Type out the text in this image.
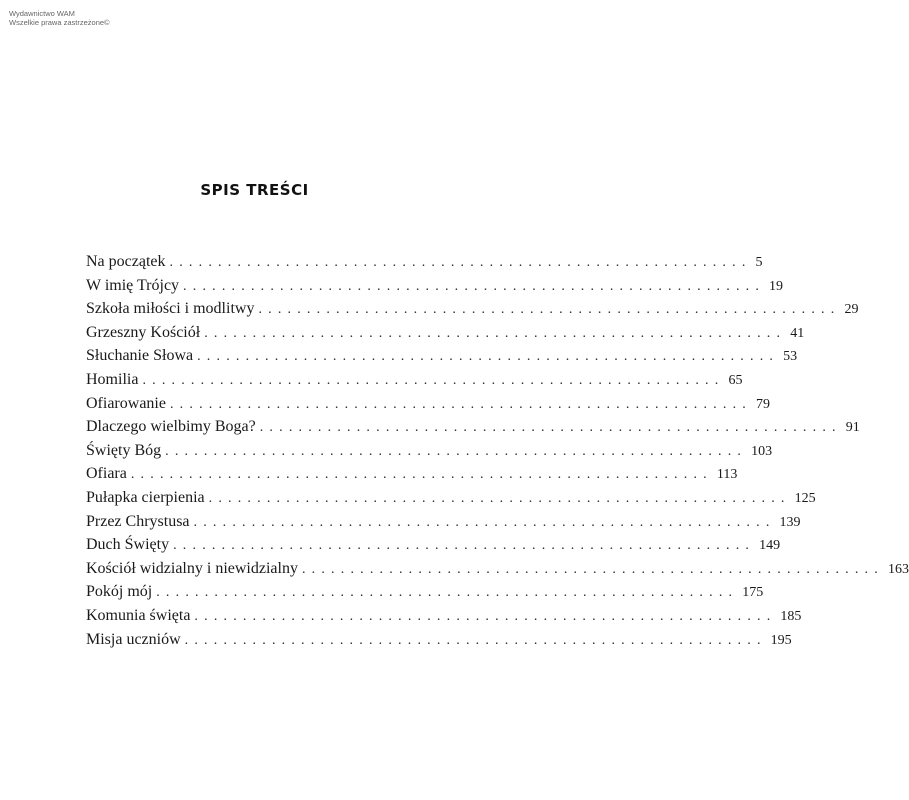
Wydawnictwo WAM
Wszelkie prawa zastrzeżone©
SPIS TREŚCI
Na początek ............................................................ 5
W imię Trójcy ............................................................ 19
Szkoła miłości i modlitwy ............................................................ 29
Grzeszny Kościół ............................................................ 41
Słuchanie Słowa ............................................................ 53
Homilia ............................................................ 65
Ofiarowanie ............................................................ 79
Dlaczego wielbimy Boga? ............................................................ 91
Święty Bóg ............................................................ 103
Ofiara ............................................................ 113
Pułapka cierpienia ............................................................ 125
Przez Chrystusa ............................................................ 139
Duch Święty ............................................................ 149
Kościół widzialny i niewidzialny ............................................................ 163
Pokój mój ............................................................ 175
Komunia święta ............................................................ 185
Misja uczniów ............................................................ 195
